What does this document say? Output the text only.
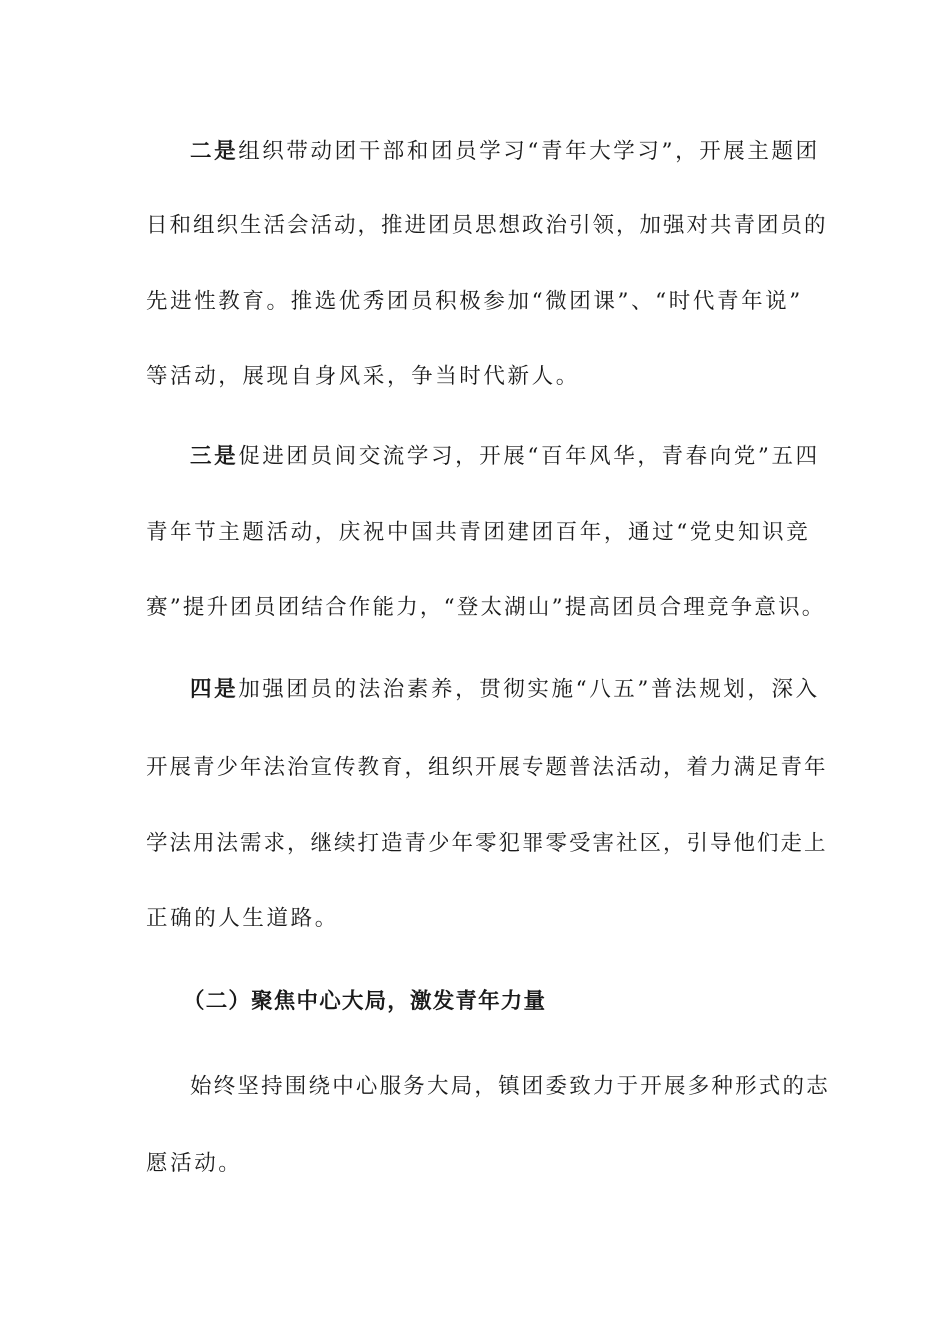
二是组织带动团干部和团员学习“青年大学习”，开展主题团
日和组织生活会活动，推进团员思想政治引领，加强对共青团员的
先进性教育。推选优秀团员积极参加“微团课”、“时代青年说”
等活动，展现自身风采，争当时代新人。
三是促进团员间交流学习，开展“百年风华，青春向党”五四
青年节主题活动，庆祝中国共青团建团百年，通过“党史知识竞
赛”提升团员团结合作能力，“登太湖山”提高团员合理竞争意识。
四是加强团员的法治素养，贯彻实施“八五”普法规划，深入
开展青少年法治宣传教育，组织开展专题普法活动，着力满足青年
学法用法需求，继续打造青少年零犯罪零受害社区，引导他们走上
正确的人生道路。
（二）聚焦中心大局，激发青年力量
始终坚持围绕中心服务大局，镇团委致力于开展多种形式的志
愿活动。
